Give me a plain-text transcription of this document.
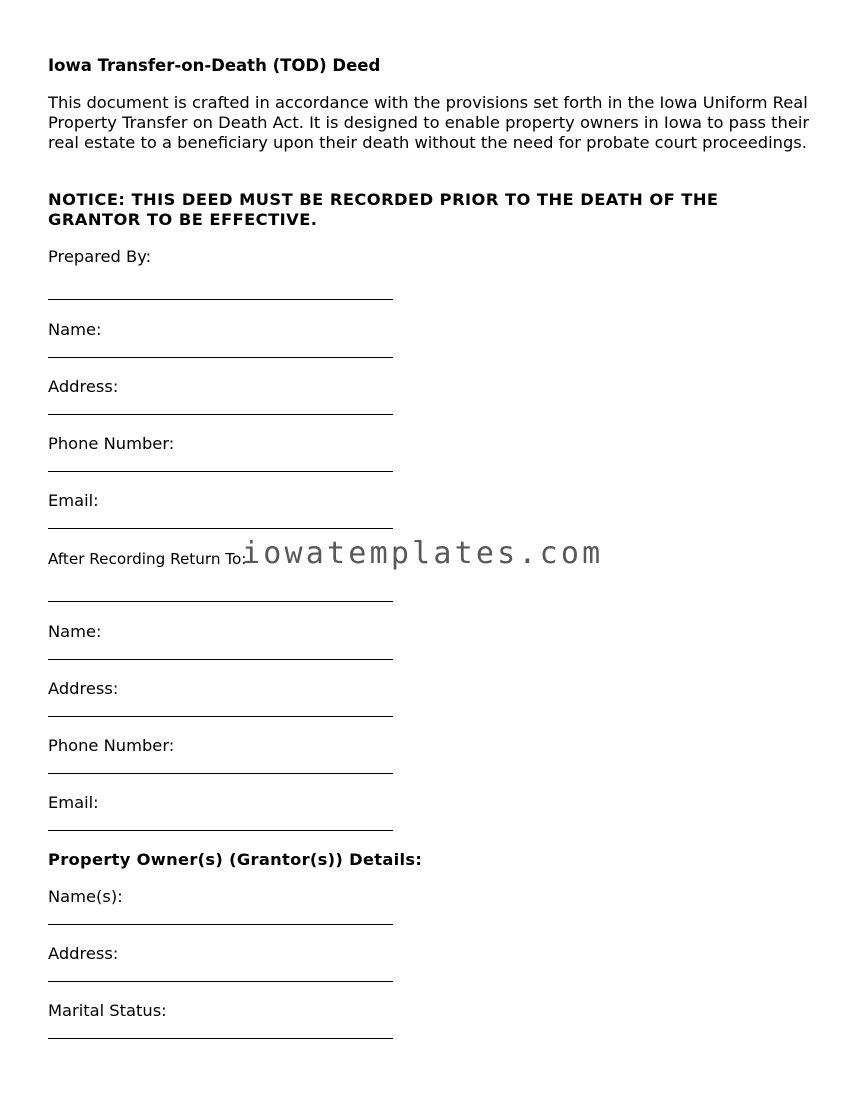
Iowa Transfer-on-Death (TOD) Deed

This document is crafted in accordance with the provisions set forth in the Iowa Uniform Real Property Transfer on Death Act. It is designed to enable property owners in Iowa to pass their real estate to a beneficiary upon their death without the need for probate court proceedings.

NOTICE: THIS DEED MUST BE RECORDED PRIOR TO THE DEATH OF THE GRANTOR TO BE EFFECTIVE.

Prepared By:
Name:
Address:
Phone Number:
Email:
After Recording Return To:
Name:
Address:
Phone Number:
Email:
Property Owner(s) (Grantor(s)) Details:
Name(s):
Address:
Marital Status:
iowatemplates.com
